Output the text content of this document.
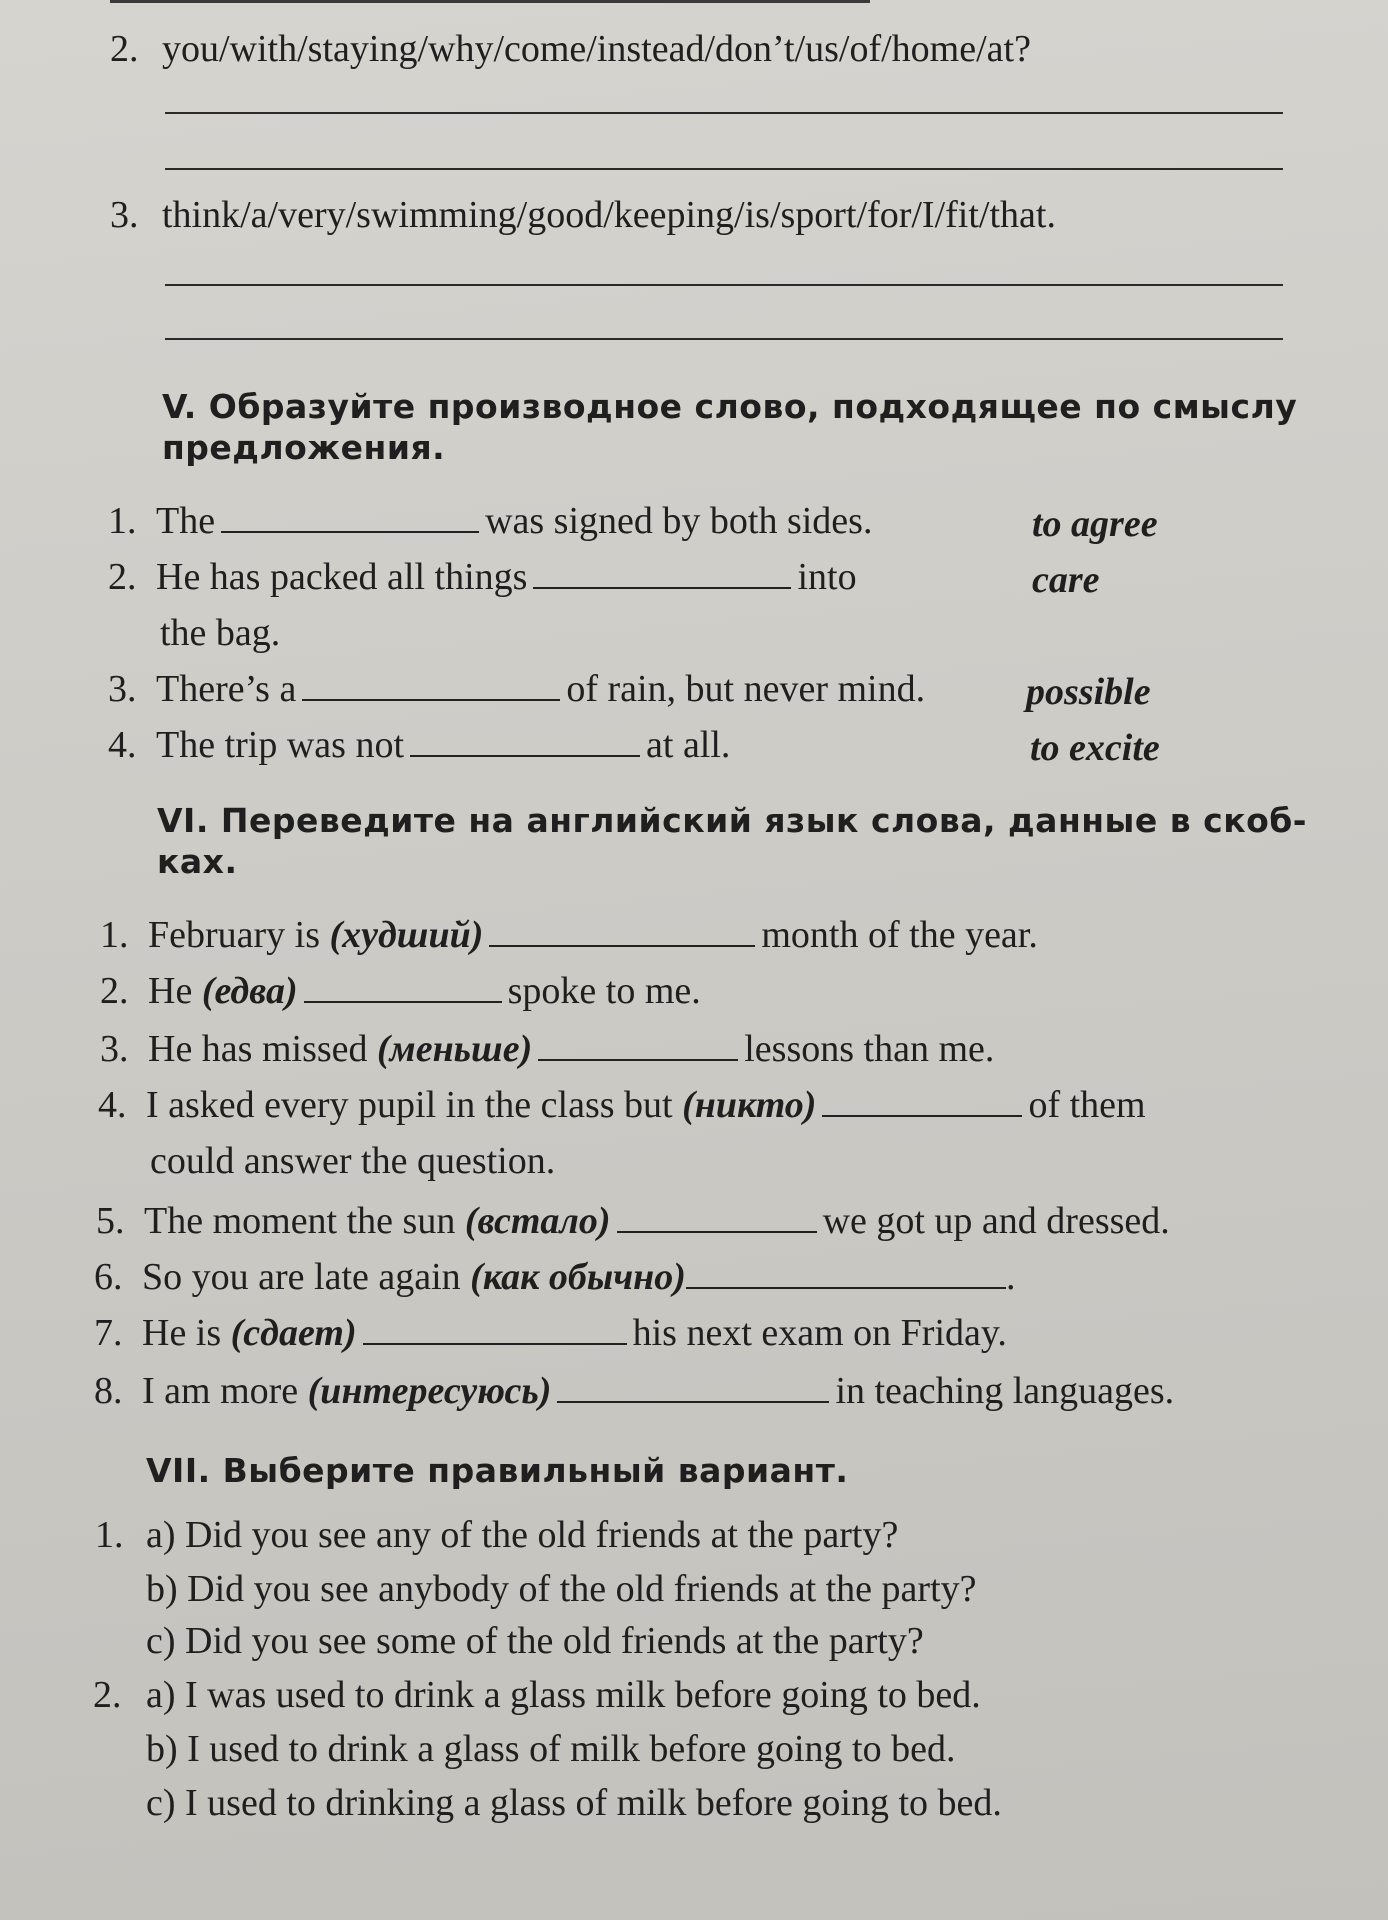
2. you/with/staying/why/come/instead/don’t/us/of/home/at?
3. think/a/very/swimming/good/keeping/is/sport/for/I/fit/that.
V. Образуйте производное слово, подходящее по смыслу
предложения.
1. The	was signed by both sides.	to agree
2. He has packed all things	into	care
the bag.
3. There’s a	of rain, but never mind.	possible
4. The trip was not	at all.	to excite
VI. Переведите на английский язык слова, данные в скоб-
ках.
1. February is (худший)	month of the year.
2. He (едва)	spoke to me.
3. He has missed (меньше)	lessons than me.
4. I asked every pupil in the class but (никто)	of them
could answer the question.
5. The moment the sun (встало)	we got up and dressed.
6. So you are late again (как обычно)	.
7. He is (сдает)	his next exam on Friday.
8. I am more (интересуюсь)	in teaching languages.
VII. Выберите правильный вариант.
1. a) Did you see any of the old friends at the party?
b) Did you see anybody of the old friends at the party?
c) Did you see some of the old friends at the party?
2. a) I was used to drink a glass milk before going to bed.
b) I used to drink a glass of milk before going to bed.
c) I used to drinking a glass of milk before going to bed.
